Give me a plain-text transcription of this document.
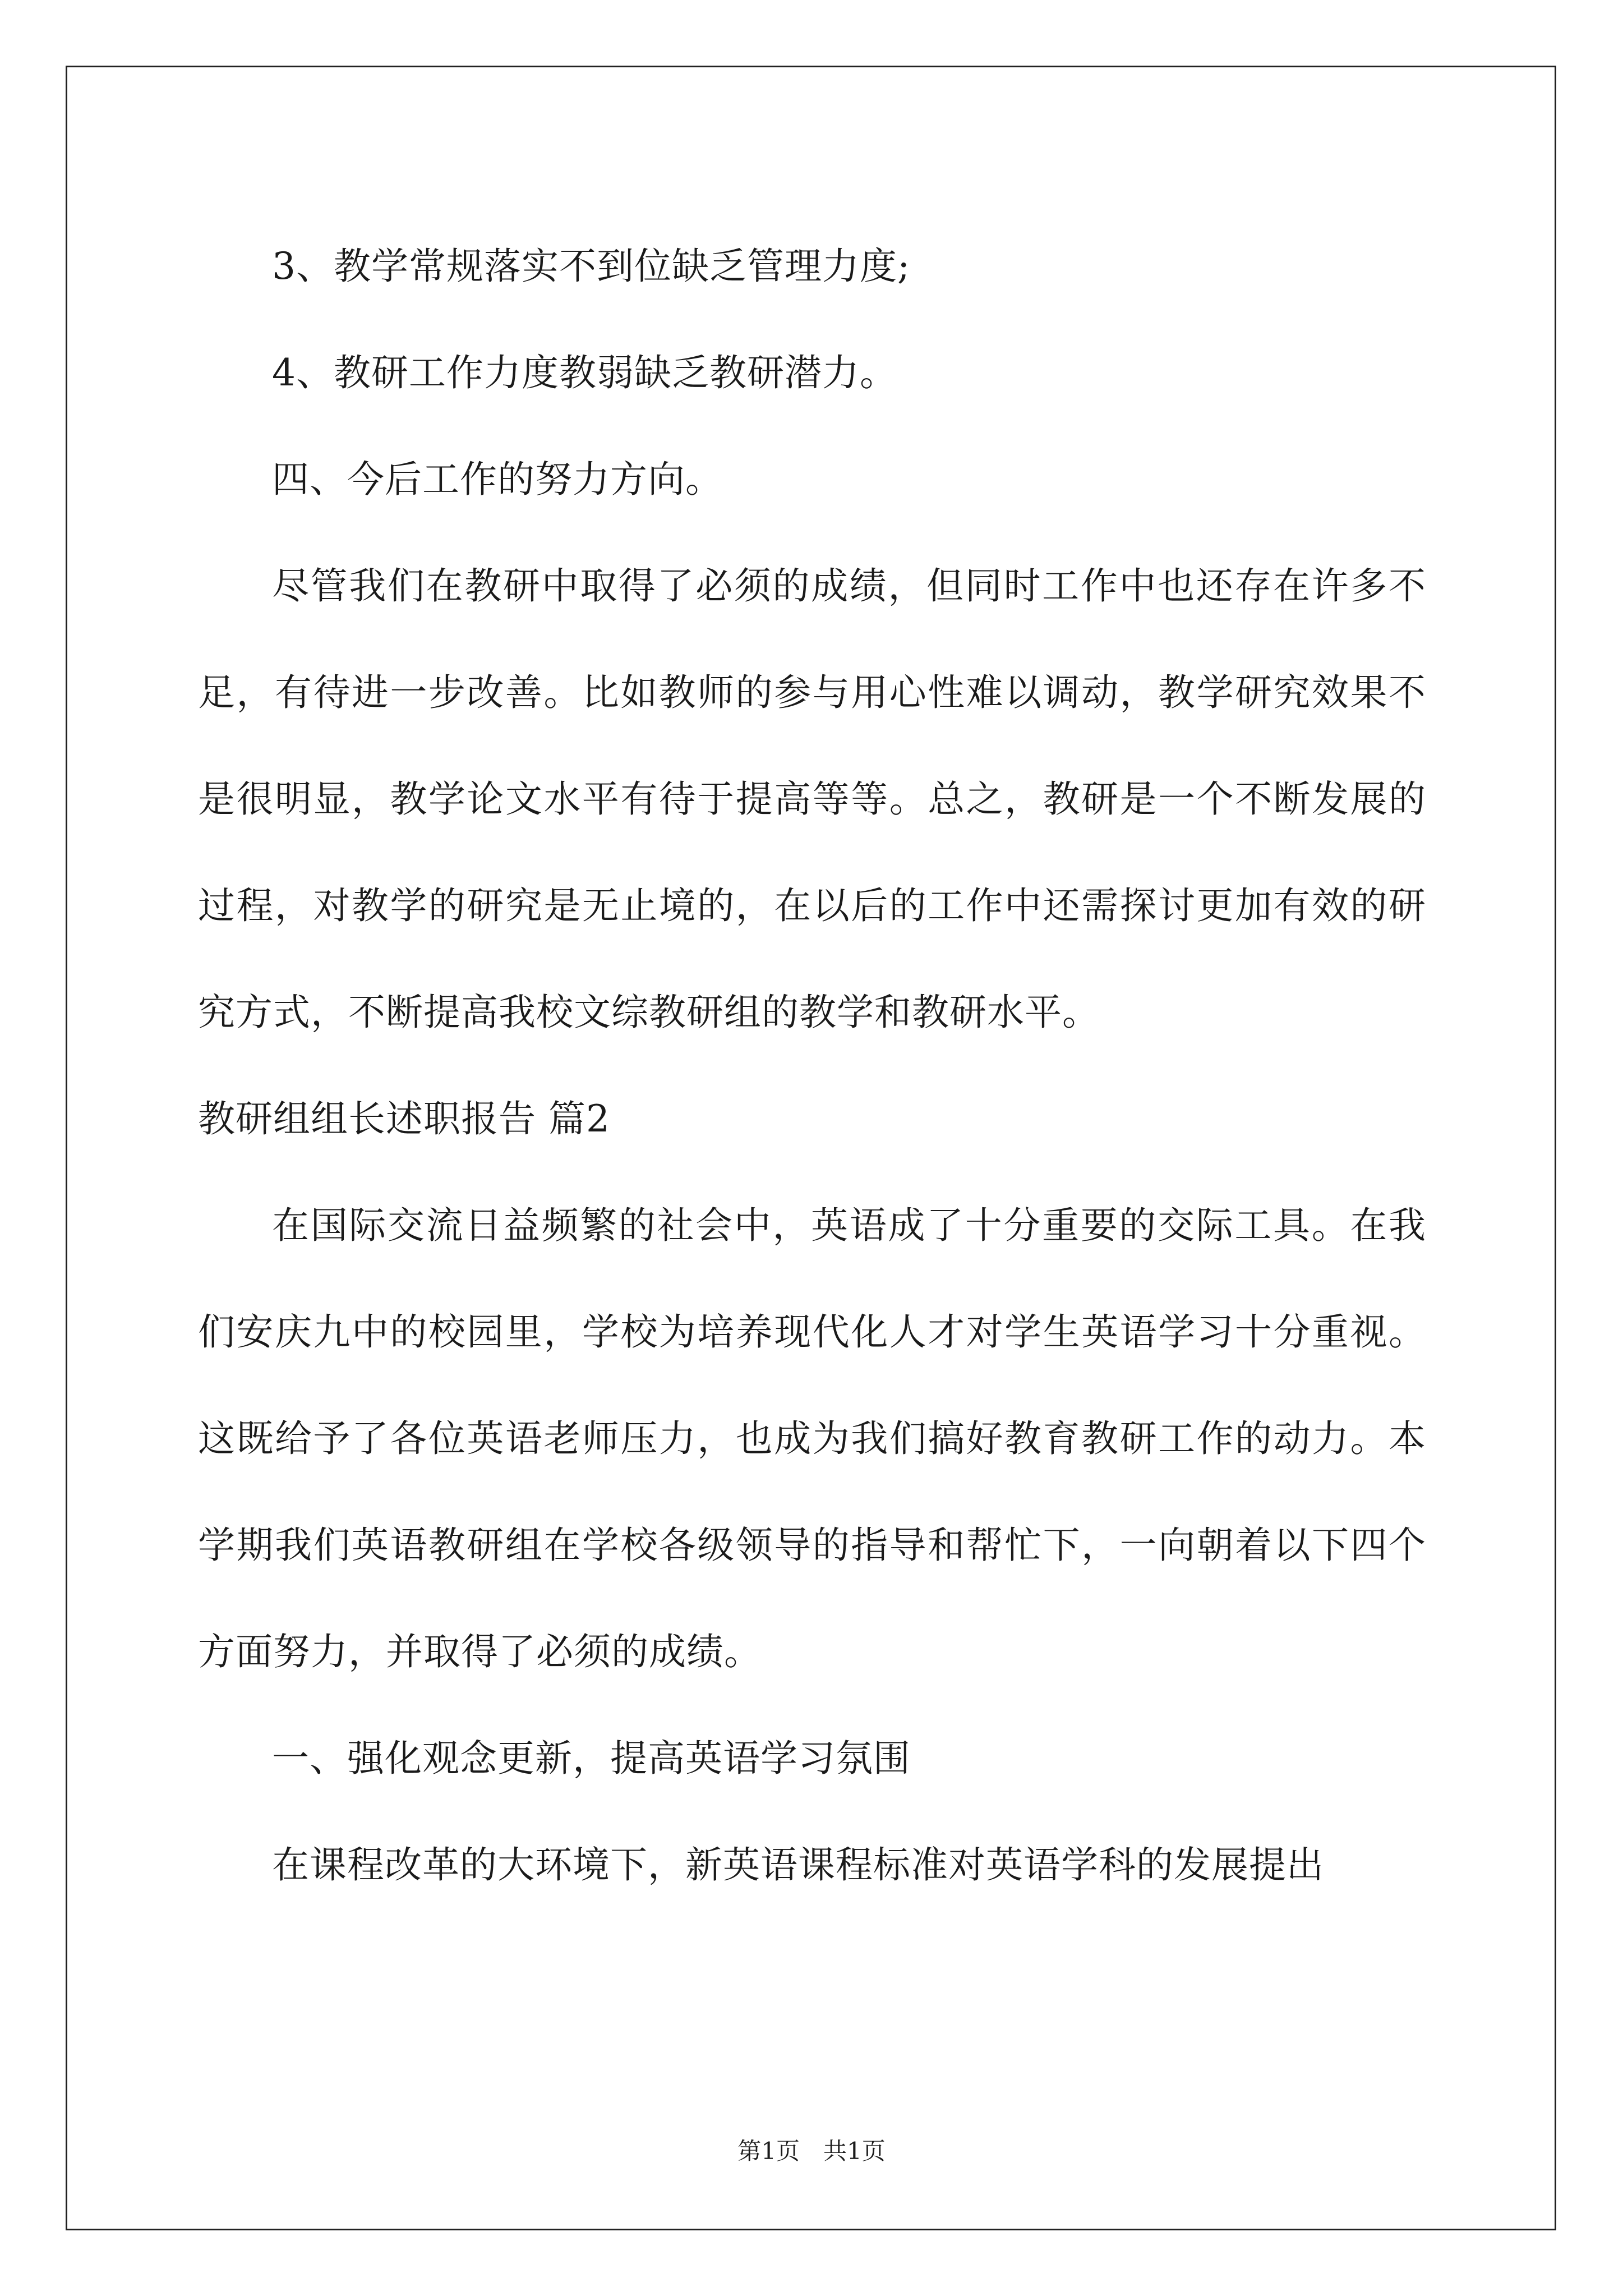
3、教学常规落实不到位缺乏管理力度;

4、教研工作力度教弱缺乏教研潜力。

四、今后工作的努力方向。

尽管我们在教研中取得了必须的成绩，但同时工作中也还存在许多不足，有待进一步改善。比如教师的参与用心性难以调动，教学研究效果不是很明显，教学论文水平有待于提高等等。总之，教研是一个不断发展的过程，对教学的研究是无止境的，在以后的工作中还需探讨更加有效的研究方式，不断提高我校文综教研组的教学和教研水平。

教研组组长述职报告 篇2

在国际交流日益频繁的社会中，英语成了十分重要的交际工具。在我们安庆九中的校园里，学校为培养现代化人才对学生英语学习十分重视。这既给予了各位英语老师压力，也成为我们搞好教育教研工作的动力。本学期我们英语教研组在学校各级领导的指导和帮忙下，一向朝着以下四个方面努力，并取得了必须的成绩。

一、强化观念更新，提高英语学习氛围

在课程改革的大环境下，新英语课程标准对英语学科的发展提出

第1页　共1页
